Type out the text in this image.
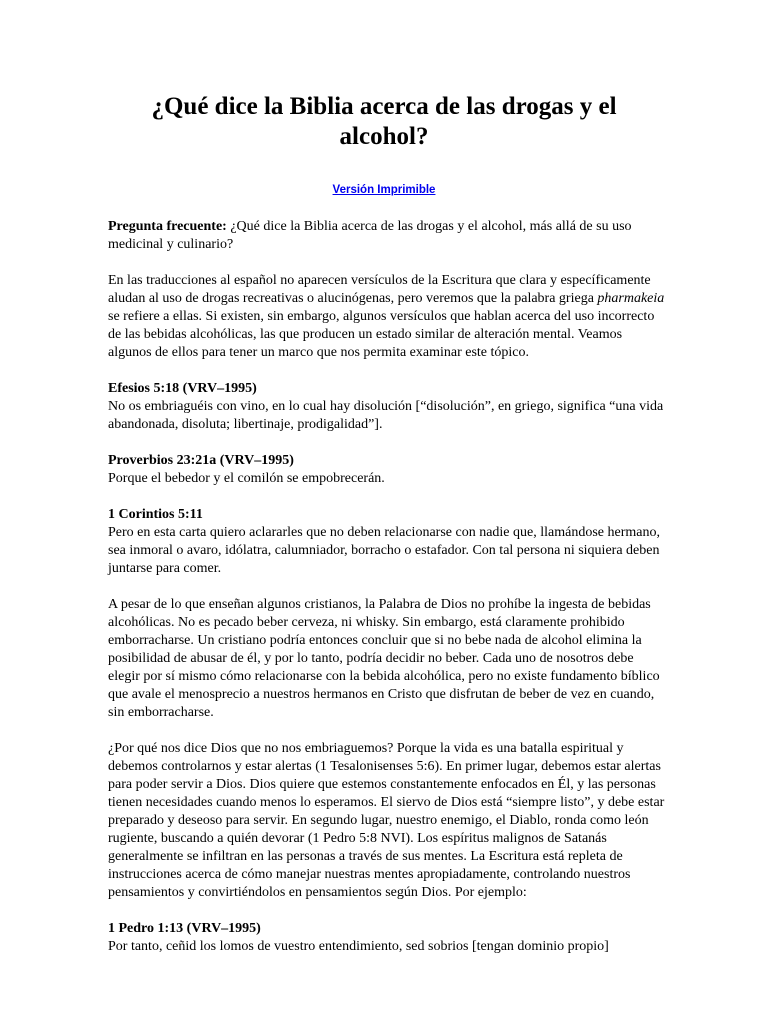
¿Qué dice la Biblia acerca de las drogas y el
alcohol?
Versión Imprimible

Pregunta frecuente: ¿Qué dice la Biblia acerca de las drogas y el alcohol, más allá de su uso medicinal y culinario?

En las traducciones al español no aparecen versículos de la Escritura que clara y específicamente aludan al uso de drogas recreativas o alucinógenas, pero veremos que la palabra griega pharmakeia se refiere a ellas. Si existen, sin embargo, algunos versículos que hablan acerca del uso incorrecto de las bebidas alcohólicas, las que producen un estado similar de alteración mental. Veamos algunos de ellos para tener un marco que nos permita examinar este tópico.

Efesios 5:18 (VRV–1995)
No os embriaguéis con vino, en lo cual hay disolución [“disolución”, en griego, significa “una vida abandonada, disoluta; libertinaje, prodigalidad”].

Proverbios 23:21a (VRV–1995)
Porque el bebedor y el comilón se empobrecerán.

1 Corintios 5:11
Pero en esta carta quiero aclararles que no deben relacionarse con nadie que, llamándose hermano, sea inmoral o avaro, idólatra, calumniador, borracho o estafador. Con tal persona ni siquiera deben juntarse para comer.

A pesar de lo que enseñan algunos cristianos, la Palabra de Dios no prohíbe la ingesta de bebidas alcohólicas. No es pecado beber cerveza, ni whisky. Sin embargo, está claramente prohibido emborracharse. Un cristiano podría entonces concluir que si no bebe nada de alcohol elimina la posibilidad de abusar de él, y por lo tanto, podría decidir no beber. Cada uno de nosotros debe elegir por sí mismo cómo relacionarse con la bebida alcohólica, pero no existe fundamento bíblico que avale el menosprecio a nuestros hermanos en Cristo que disfrutan de beber de vez en cuando, sin emborracharse.

¿Por qué nos dice Dios que no nos embriaguemos? Porque la vida es una batalla espiritual y debemos controlarnos y estar alertas (1 Tesalonisenses 5:6). En primer lugar, debemos estar alertas para poder servir a Dios. Dios quiere que estemos constantemente enfocados en Él, y las personas tienen necesidades cuando menos lo esperamos. El siervo de Dios está “siempre listo”, y debe estar preparado y deseoso para servir. En segundo lugar, nuestro enemigo, el Diablo, ronda como león rugiente, buscando a quién devorar (1 Pedro 5:8 NVI). Los espíritus malignos de Satanás generalmente se infiltran en las personas a través de sus mentes. La Escritura está repleta de instrucciones acerca de cómo manejar nuestras mentes apropiadamente, controlando nuestros pensamientos y convirtiéndolos en pensamientos según Dios. Por ejemplo:

1 Pedro 1:13 (VRV–1995)
Por tanto, ceñid los lomos de vuestro entendimiento, sed sobrios [tengan dominio propio]
